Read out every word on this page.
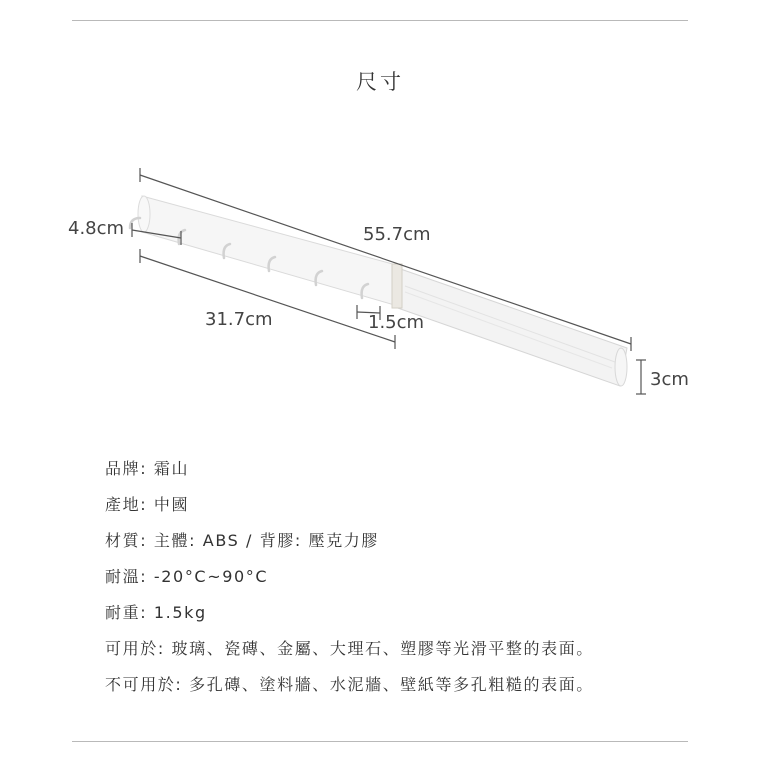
尺寸
4.8cm	55.7cm
31.7cm	1.5cm
3cm
品牌: 霜山
產地: 中國
材質: 主體: ABS / 背膠: 壓克力膠
耐溫: -20°C~90°C
耐重: 1.5kg
可用於: 玻璃、瓷磚、金屬、大理石、塑膠等光滑平整的表面。
不可用於: 多孔磚、塗料牆、水泥牆、壁紙等多孔粗糙的表面。
